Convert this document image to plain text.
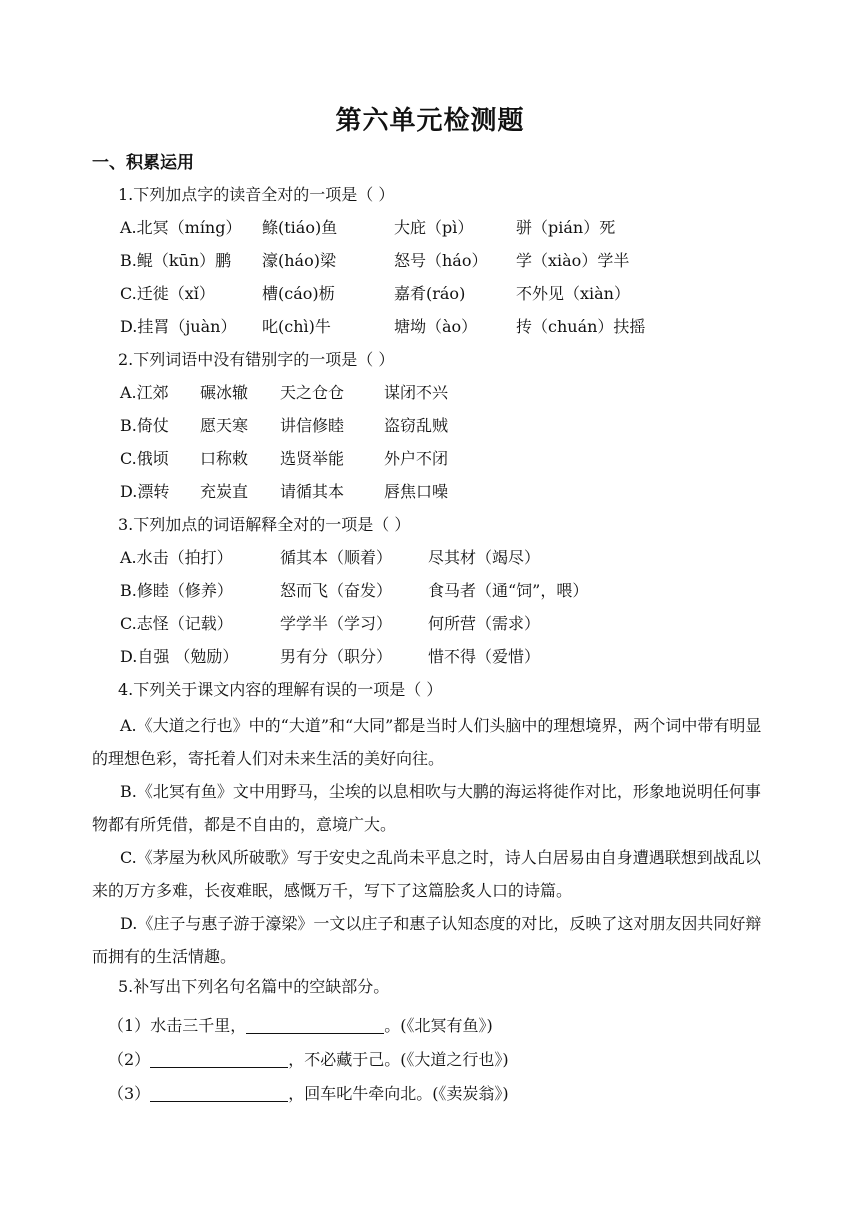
第六单元检测题
一、积累运用
1.下列加点字的读音全对的一项是（ ）
A.北冥（míng） 鲦(tiáo)鱼	大庇（pì）	骈（pián）死
B.鲲（kūn）鹏 濠(háo)梁	怒号（háo） 学（xiào）学半
C.迁徙（xǐ）	槽(cáo)枥	嘉肴(ráo)	不外见（xiàn）
D.挂罥（juàn） 叱(chì)牛	塘坳（ào） 抟（chuán）扶摇
2.下列词语中没有错别字的一项是（ ）
A.江郊 碾冰辙 天之仓仓 谋闭不兴
B.倚仗 愿天寒 讲信修睦 盗窃乱贼
C.俄顷 口称敕 选贤举能 外户不闭
D.漂转 充炭直 请循其本 唇焦口噪
3.下列加点的词语解释全对的一项是（ ）
A.水击（拍打）	循其本（顺着） 尽其材（竭尽）
B.修睦（修养）	怒而飞（奋发） 食马者（通“饲”，喂）
C.志怪（记载）	学学半（学习） 何所营（需求）
D.自强 （勉励）	男有分（职分） 惜不得（爱惜）
4.下列关于课文内容的理解有误的一项是（ ）
A.《大道之行也》中的“大道”和“大同”都是当时人们头脑中的理想境界，两个词中带有明显的理想色彩，寄托着人们对未来生活的美好向往。
B.《北冥有鱼》文中用野马，尘埃的以息相吹与大鹏的海运将徙作对比，形象地说明任何事物都有所凭借，都是不自由的，意境广大。
C.《茅屋为秋风所破歌》写于安史之乱尚未平息之时，诗人白居易由自身遭遇联想到战乱以来的万方多难，长夜难眠，感慨万千，写下了这篇脍炙人口的诗篇。
D.《庄子与惠子游于濠梁》一文以庄子和惠子认知态度的对比，反映了这对朋友因共同好辩而拥有的生活情趣。
5.补写出下列名句名篇中的空缺部分。
（1）水击三千里，	。(《北冥有鱼》)
（2）	，不必藏于己。(《大道之行也》)
（3）	，回车叱牛牵向北。(《卖炭翁》)
